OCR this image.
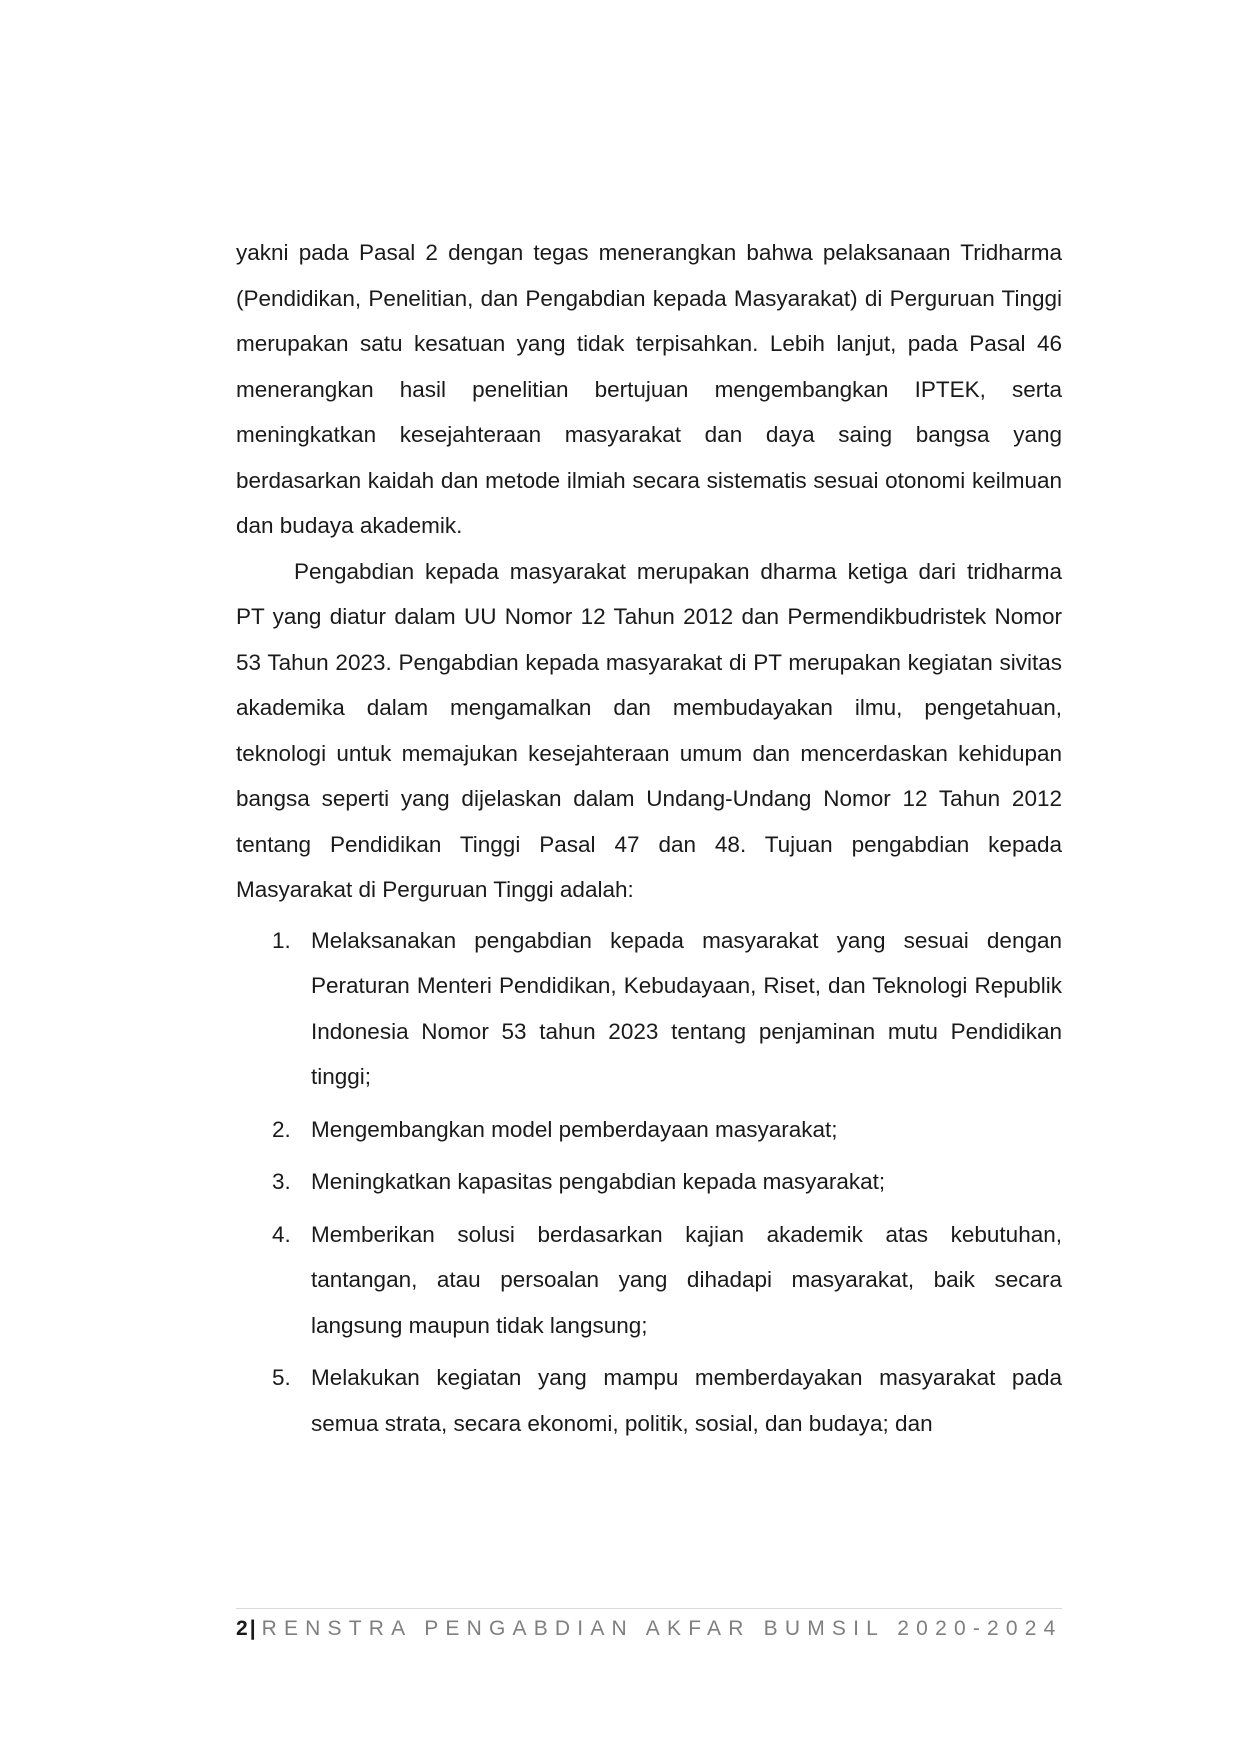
yakni pada Pasal 2 dengan tegas menerangkan bahwa pelaksanaan Tridharma (Pendidikan, Penelitian, dan Pengabdian kepada Masyarakat) di Perguruan Tinggi merupakan satu kesatuan yang tidak terpisahkan. Lebih lanjut, pada Pasal 46 menerangkan hasil penelitian bertujuan mengembangkan IPTEK, serta meningkatkan kesejahteraan masyarakat dan daya saing bangsa yang berdasarkan kaidah dan metode ilmiah secara sistematis sesuai otonomi keilmuan dan budaya akademik.

Pengabdian kepada masyarakat merupakan dharma ketiga dari tridharma PT yang diatur dalam UU Nomor 12 Tahun 2012 dan Permendikbudristek Nomor 53 Tahun 2023. Pengabdian kepada masyarakat di PT merupakan kegiatan sivitas akademika dalam mengamalkan dan membudayakan ilmu, pengetahuan, teknologi untuk memajukan kesejahteraan umum dan mencerdaskan kehidupan bangsa seperti yang dijelaskan dalam Undang-Undang Nomor 12 Tahun 2012 tentang Pendidikan Tinggi Pasal 47 dan 48. Tujuan pengabdian kepada Masyarakat di Perguruan Tinggi adalah:

1. Melaksanakan pengabdian kepada masyarakat yang sesuai dengan Peraturan Menteri Pendidikan, Kebudayaan, Riset, dan Teknologi Republik Indonesia Nomor 53 tahun 2023 tentang penjaminan mutu Pendidikan tinggi;
2. Mengembangkan model pemberdayaan masyarakat;
3. Meningkatkan kapasitas pengabdian kepada masyarakat;
4. Memberikan solusi berdasarkan kajian akademik atas kebutuhan, tantangan, atau persoalan yang dihadapi masyarakat, baik secara langsung maupun tidak langsung;
5. Melakukan kegiatan yang mampu memberdayakan masyarakat pada semua strata, secara ekonomi, politik, sosial, dan budaya; dan
2| RENSTRA PENGABDIAN AKFAR BUMSIL 2020-2024
